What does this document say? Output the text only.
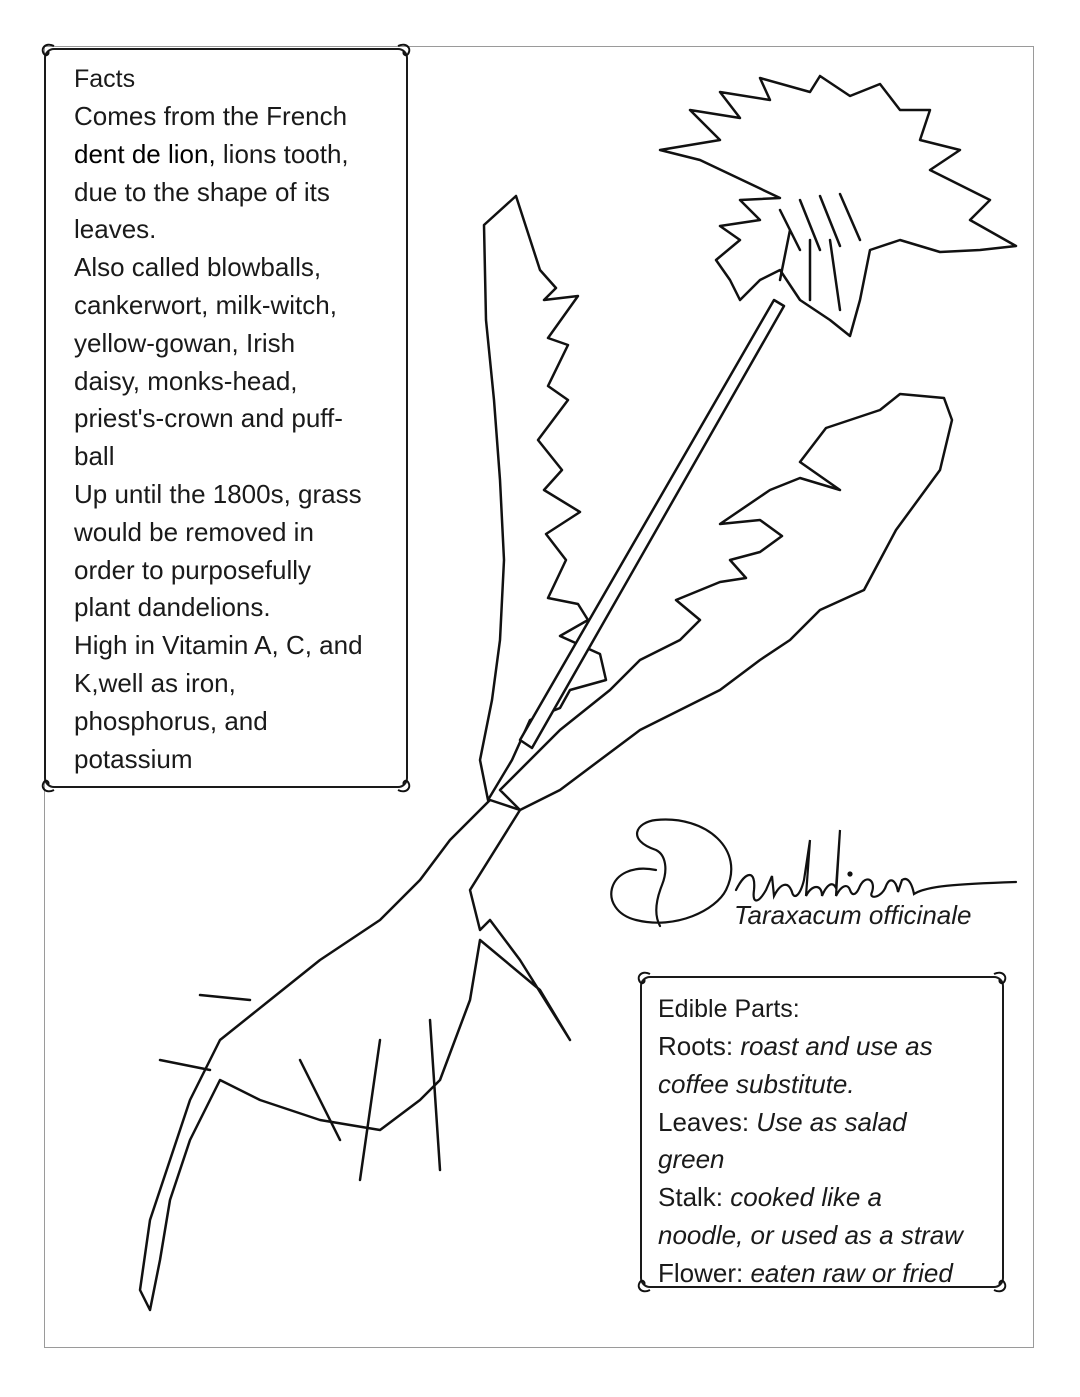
Facts

Comes from the French

dent de lion, lions tooth,

due to the shape of its

leaves.

Also called blowballs,

cankerwort, milk-witch,

yellow-gowan, Irish

daisy, monks-head,

priest's-crown and puff-

ball

Up until the 1800s, grass

would be removed in

order to purposefully

plant dandelions.

High in Vitamin A, C, and

K,well as iron,

phosphorus, and

potassium

Taraxacum officinale
Edible Parts:

Roots: roast and use as

coffee substitute.

Leaves: Use as salad

green

Stalk: cooked like a

noodle, or used as a straw

Flower: eaten raw or fried
